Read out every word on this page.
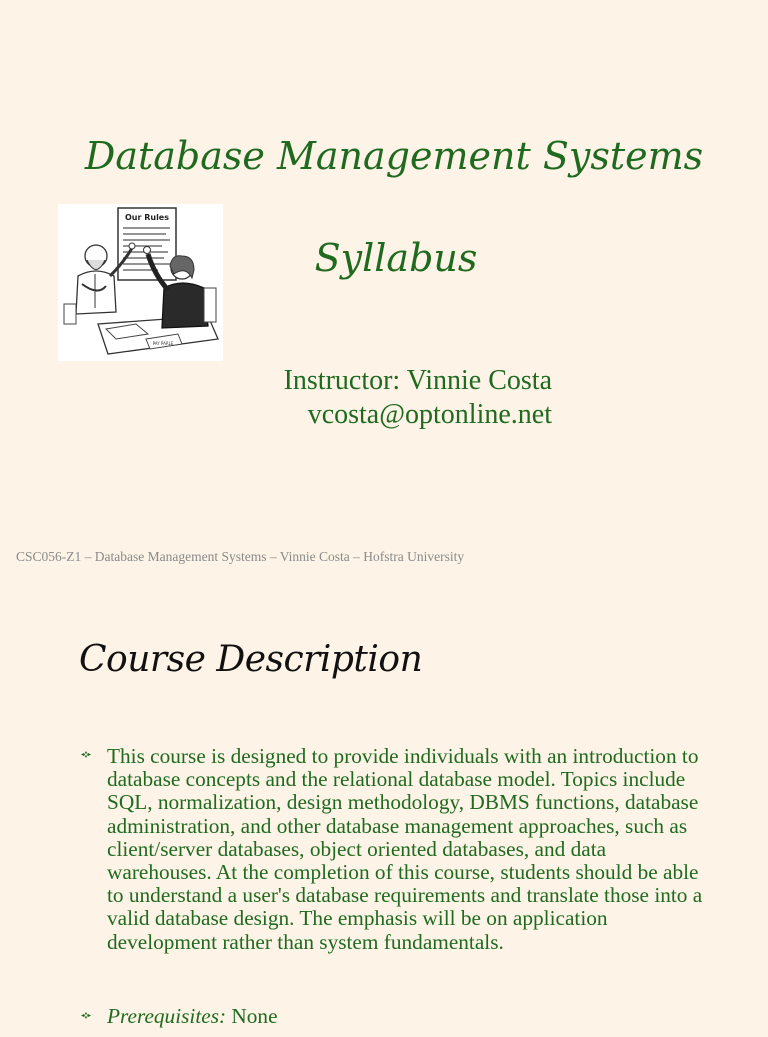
Database Management Systems
Syllabus
Our Rules
PAY PARLE
Instructor: Vinnie Costa
vcosta@optonline.net
CSC056-Z1 – Database Management Systems – Vinnie Costa – Hofstra University
Course Description
This course is designed to provide individuals with an introduction to database concepts and the relational database model. Topics include SQL, normalization, design methodology, DBMS functions, database administration, and other database management approaches, such as client/server databases, object oriented databases, and data warehouses. At the completion of this course, students should be able to understand a user's database requirements and translate those into a valid database design. The emphasis will be on application development rather than system fundamentals.
Prerequisites: None
